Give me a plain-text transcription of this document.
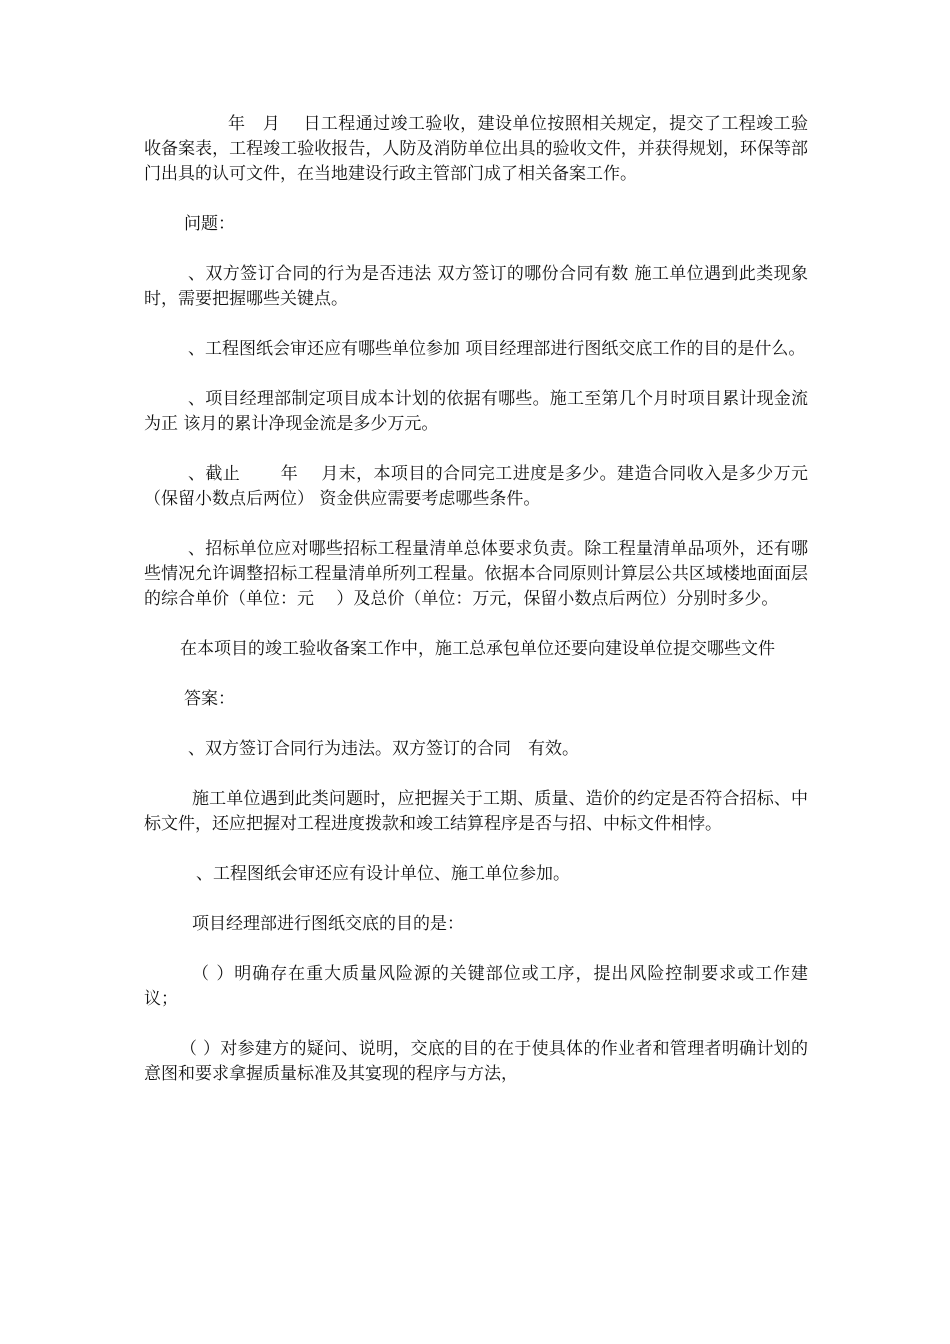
年　月　 日工程通过竣工验收，建设单位按照相关规定，提交了工程竣工验收备案表，工程竣工验收报告，人防及消防单位出具的验收文件，并获得规划，环保等部门出具的认可文件，在当地建设行政主管部门成了相关备案工作。

问题：

、双方签订合同的行为是否违法 双方签订的哪份合同有数 施工单位遇到此类现象时，需要把握哪些关键点。

、工程图纸会审还应有哪些单位参加 项目经理部进行图纸交底工作的目的是什么。

、项目经理部制定项目成本计划的依据有哪些。施工至第几个月时项目累计现金流为正 该月的累计净现金流是多少万元。

、截止　　 年　 月末，本项目的合同完工进度是多少。建造合同收入是多少万元（保留小数点后两位） 资金供应需要考虑哪些条件。

、招标单位应对哪些招标工程量清单总体要求负责。除工程量清单品项外，还有哪些情况允许调整招标工程量清单所列工程量。依据本合同原则计算层公共区域楼地面面层的综合单价（单位：元　 ）及总价（单位：万元，保留小数点后两位）分别时多少。

在本项目的竣工验收备案工作中，施工总承包单位还要向建设单位提交哪些文件

答案：

、双方签订合同行为违法。双方签订的合同　有效。

施工单位遇到此类问题时，应把握关于工期、质量、造价的约定是否符合招标、中标文件，还应把握对工程进度拨款和竣工结算程序是否与招、中标文件相悖。

、工程图纸会审还应有设计单位、施工单位参加。

项目经理部进行图纸交底的目的是：

（ ）明确存在重大质量风险源的关键部位或工序，提出风险控制要求或工作建议；

（ ）对参建方的疑问、说明，交底的目的在于使具体的作业者和管理者明确计划的意图和要求拿握质量标准及其宴现的程序与方法，
